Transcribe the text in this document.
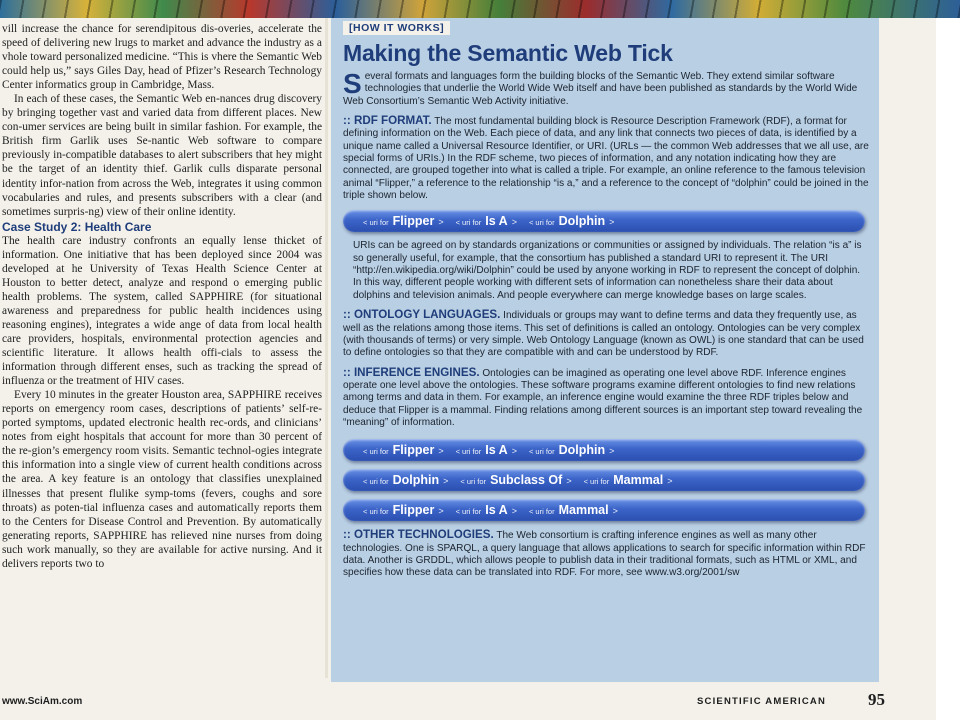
vill increase the chance for serendipitous dis-overies, accelerate the speed of delivering new lrugs to market and advance the industry as a vhole toward personalized medicine. “This is vhere the Semantic Web could help us,” says Giles Day, head of Pfizer’s Research Technology Center informatics group in Cambridge, Mass.

In each of these cases, the Semantic Web en-nances drug discovery by bringing together vast and varied data from different places. New con-umer services are being built in similar fashion. For example, the British firm Garlik uses Se-nantic Web software to compare previously in-compatible databases to alert subscribers that hey might be the target of an identity thief. Garlik culls disparate personal identity infor-nation from across the Web, integrates it using common vocabularies and rules, and presents subscribers with a clear (and sometimes surpris-ng) view of their online identity.

Case Study 2: Health Care

The health care industry confronts an equally lense thicket of information. One initiative that has been deployed since 2004 was developed at he University of Texas Health Science Center at Houston to better detect, analyze and respond o emerging public health problems. The system, called SAPPHIRE (for situational awareness and preparedness for public health incidences using reasoning engines), integrates a wide ange of data from local health care providers, hospitals, environmental protection agencies and scientific literature. It allows health offi-cials to assess the information through different enses, such as tracking the spread of influenza or the treatment of HIV cases.

Every 10 minutes in the greater Houston area, SAPPHIRE receives reports on emergency room cases, descriptions of patients’ self-re-ported symptoms, updated electronic health rec-ords, and clinicians’ notes from eight hospitals that account for more than 30 percent of the re-gion’s emergency room visits. Semantic technol-ogies integrate this information into a single view of current health conditions across the area. A key feature is an ontology that classifies unexplained illnesses that present flulike symp-toms (fevers, coughs and sore throats) as poten-tial influenza cases and automatically reports them to the Centers for Disease Control and Prevention. By automatically generating reports, SAPPHIRE has relieved nine nurses from doing such work manually, so they are available for active nursing. And it delivers reports two to

www.SciAm.com	SCIENTIFIC AMERICAN 95
[HOW IT WORKS]
Making the Semantic Web Tick

S everal formats and languages form the building blocks of the Semantic Web. They extend similar software technologies that underlie the World Wide Web itself and have been published as standards by the World Wide Web Consortium’s Semantic Web Activity initiative.

:: RDF FORMAT. The most fundamental building block is Resource Description Framework (RDF), a format for defining information on the Web. Each piece of data, and any link that connects two pieces of data, is identified by a unique name called a Universal Resource Identifier, or URI. (URLs — the common Web addresses that we all use, are special forms of URIs.) In the RDF scheme, two pieces of information, and any notation indicating how they are connected, are grouped together into what is called a triple. For example, an online reference to the famous television animal “Flipper,” a reference to the relationship “is a,” and a reference to the concept of “dolphin” could be joined in the triple shown below.

< uri for Flipper > < uri for Is A > < uri for Dolphin >

URIs can be agreed on by standards organizations or communities or assigned by individuals. The relation “is a” is so generally useful, for example, that the consortium has published a standard URI to represent it. The URI “http://en.wikipedia.org/wiki/Dolphin” could be used by anyone working in RDF to represent the concept of dolphin. In this way, different people working with different sets of information can nonetheless share their data about dolphins and television animals. And people everywhere can merge knowledge bases on large scales.

:: ONTOLOGY LANGUAGES. Individuals or groups may want to define terms and data they frequently use, as well as the relations among those items. This set of definitions is called an ontology. Ontologies can be very complex (with thousands of terms) or very simple. Web Ontology Language (known as OWL) is one standard that can be used to define ontologies so that they are compatible with and can be understood by RDF.

:: INFERENCE ENGINES. Ontologies can be imagined as operating one level above RDF. Inference engines operate one level above the ontologies. These software programs examine different ontologies to find new relations among terms and data in them. For example, an inference engine would examine the three RDF triples below and deduce that Flipper is a mammal. Finding relations among different sources is an important step toward revealing the “meaning” of information.

< uri for Flipper > < uri for Is A > < uri for Dolphin >
< uri for Dolphin > < uri for Subclass Of > < uri for Mammal >
< uri for Flipper > < uri for Is A > < uri for Mammal >

:: OTHER TECHNOLOGIES. The Web consortium is crafting inference engines as well as many other technologies. One is SPARQL, a query language that allows applications to search for specific information within RDF data. Another is GRDDL, which allows people to publish data in their traditional formats, such as HTML or XML, and specifies how these data can be translated into RDF. For more, see www.w3.org/2001/sw
